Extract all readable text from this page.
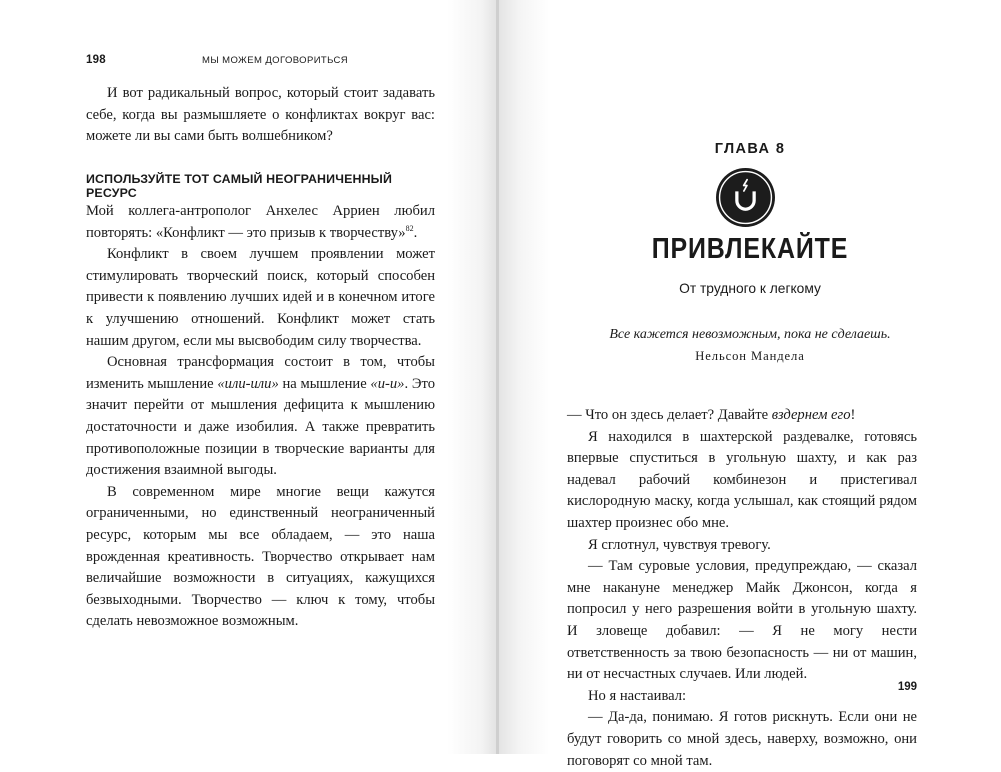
198	МЫ МОЖЕМ ДОГОВОРИТЬСЯ

И вот радикальный вопрос, который стоит задавать себе, когда вы размышляете о конфликтах вокруг вас: можете ли вы сами быть волшебником?

ИСПОЛЬЗУЙТЕ ТОТ САМЫЙ НЕОГРАНИЧЕННЫЙ РЕСУРС

Мой коллега-антрополог Анхелес Арриен любил повторять: «Конфликт — это призыв к творчеству»$^{82}$.

Конфликт в своем лучшем проявлении может стимулировать творческий поиск, который способен привести к появлению лучших идей и в конечном итоге к улучшению отношений. Конфликт может стать нашим другом, если мы высвободим силу творчества.

Основная трансформация состоит в том, чтобы изменить мышление «или-или» на мышление «и-и». Это значит перейти от мышления дефицита к мышлению достаточности и даже изобилия. А также превратить противоположные позиции в творческие варианты для достижения взаимной выгоды.

В современном мире многие вещи кажутся ограниченными, но единственный неограниченный ресурс, которым мы все обладаем, — это наша врожденная креативность. Творчество открывает нам величайшие возможности в ситуациях, кажущихся безвыходными. Творчество — ключ к тому, чтобы сделать невозможное возможным.

ГЛАВА 8
ПРИВЛЕКАЙТЕ
От трудного к легкому
Все кажется невозможным, пока не сделаешь.
Нельсон Мандела

— Что он здесь делает? Давайте вздернем его!

Я находился в шахтерской раздевалке, готовясь впервые спуститься в угольную шахту, и как раз надевал рабочий комбинезон и пристегивал кислородную маску, когда услышал, как стоящий рядом шахтер произнес обо мне.

Я сглотнул, чувствуя тревогу.

— Там суровые условия, предупреждаю, — сказал мне накануне менеджер Майк Джонсон, когда я попросил у него разрешения войти в угольную шахту. И зловеще добавил: — Я не могу нести ответственность за твою безопасность — ни от машин, ни от несчастных случаев. Или людей.

Но я настаивал:

— Да-да, понимаю. Я готов рискнуть. Если они не будут говорить со мной здесь, наверху, возможно, они поговорят со мной там.

199
